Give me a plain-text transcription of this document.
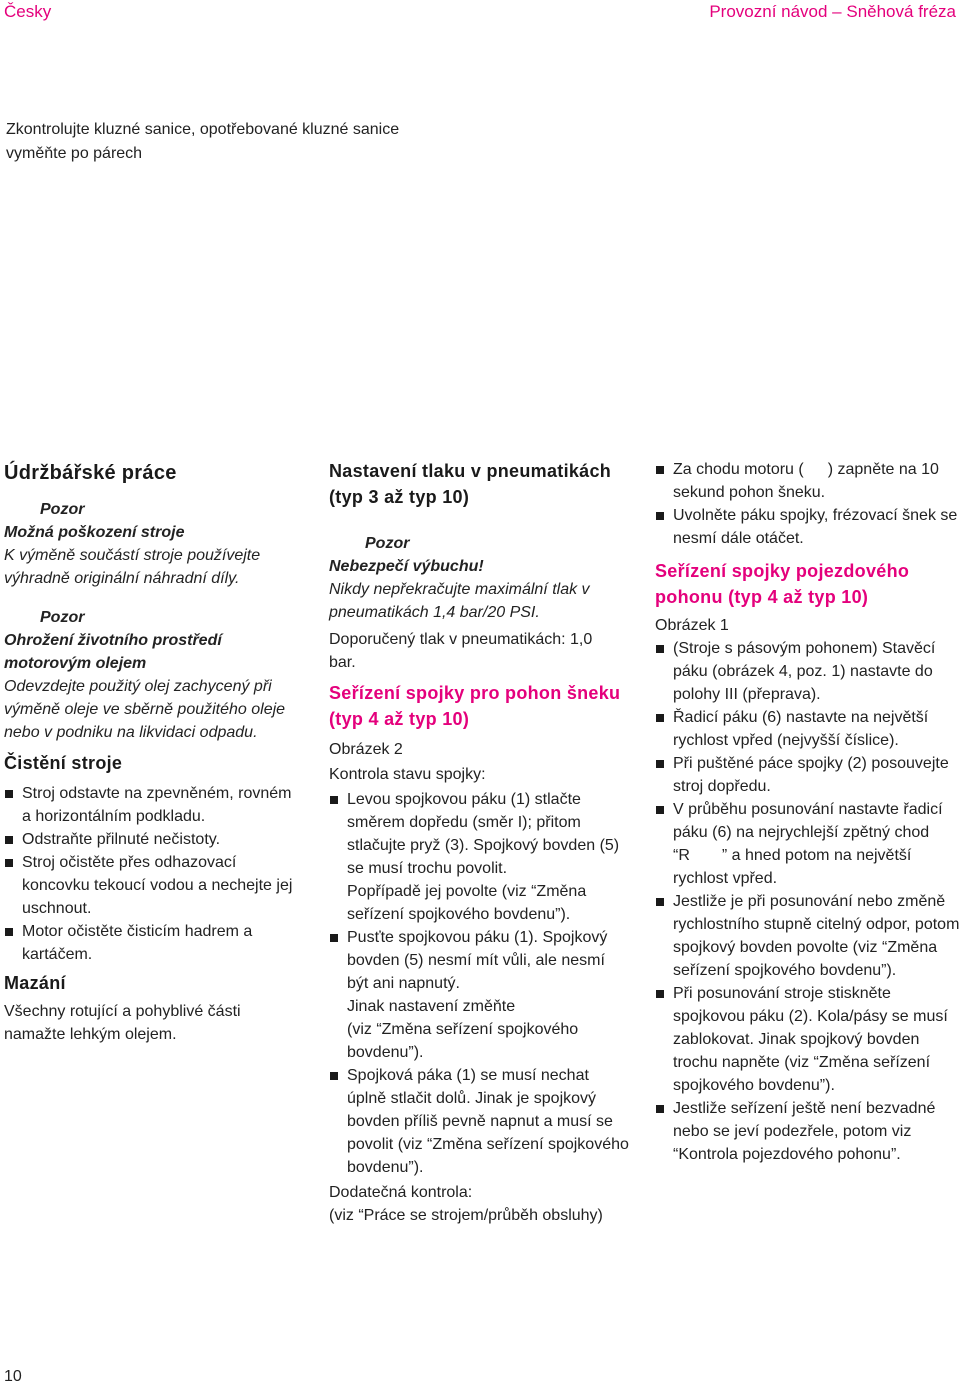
Česky	Provozní návod – Sněhová fréza
Zkontrolujte kluzné sanice, opotřebované kluzné sanice vyměňte po párech
Údržbářské práce

Pozor

Možná poškození stroje

K výměně součástí stroje používejte výhradně originální náhradní díly.

Pozor

Ohrožení životního prostředí motorovým olejem

Odevzdejte použitý olej zachycený při výměně oleje ve sběrně použitého oleje nebo v podniku na likvidaci odpadu.

Čistění stroje
Stroj odstavte na zpevněném, rovném a horizontálním podkladu.
Odstraňte přilnuté nečistoty.
Stroj očistěte přes odhazovací koncovku tekoucí vodou a nechejte jej uschnout.
Motor očistěte čisticím hadrem a kartáčem.
Mazání

Všechny rotující a pohyblivé části namažte lehkým olejem.

Nastavení tlaku v pneumatikách (typ 3 až typ 10)

Pozor

Nebezpečí výbuchu!

Nikdy nepřekračujte maximální tlak v pneumatikách 1,4 bar/20 PSI.

Doporučený tlak v pneumatikách: 1,0 bar.

Seřízení spojky pro pohon šneku (typ 4 až typ 10)

Obrázek 2

Kontrola stavu spojky:

Levou spojkovou páku (1) stlačte směrem dopředu (směr I); přitom stlačujte pryž (3). Spojkový bovden (5) se musí trochu povolit.
Popřípadě jej povolte (viz “Změna seřízení spojkového bovdenu”).
Pusťte spojkovou páku (1). Spojkový bovden (5) nesmí mít vůli, ale nesmí být ani napnutý.
Jinak nastavení změňte
(viz “Změna seřízení spojkového bovdenu”).
Spojková páka (1) se musí nechat úplně stlačit dolů. Jinak je spojkový bovden příliš pevně napnut a musí se povolit (viz “Změna seřízení spojkového bovdenu”).

Dodatečná kontrola:

(viz “Práce se strojem/průběh obsluhy)

Za chodu motoru (   ) zapněte na 10 sekund pohon šneku.
Uvolněte páku spojky, frézovací šnek se nesmí dále otáčet.
Seřízení spojky pojezdového pohonu (typ 4 až typ 10)

Obrázek 1

(Stroje s pásovým pohonem) Stavěcí páku (obrázek 4, poz. 1) nastavte do polohy III (přeprava).
Řadicí páku (6) nastavte na největší rychlost vpřed (nejvyšší číslice).
Při puštěné páce spojky (2) posouvejte stroj dopředu.
V průběhu posunování nastavte řadicí páku (6) na nejrychlejší zpětný chod “R  ” a hned potom na největší rychlost vpřed.
Jestliže je při posunování nebo změně rychlostního stupně citelný odpor, potom spojkový bovden povolte (viz “Změna seřízení spojkového bovdenu”).
Při posunování stroje stiskněte spojkovou páku (2). Kola/pásy se musí zablokovat. Jinak spojkový bovden trochu napněte (viz “Změna seřízení spojkového bovdenu”).
Jestliže seřízení ještě není bezvadné nebo se jeví podezřele, potom viz “Kontrola pojezdového pohonu”.
10
